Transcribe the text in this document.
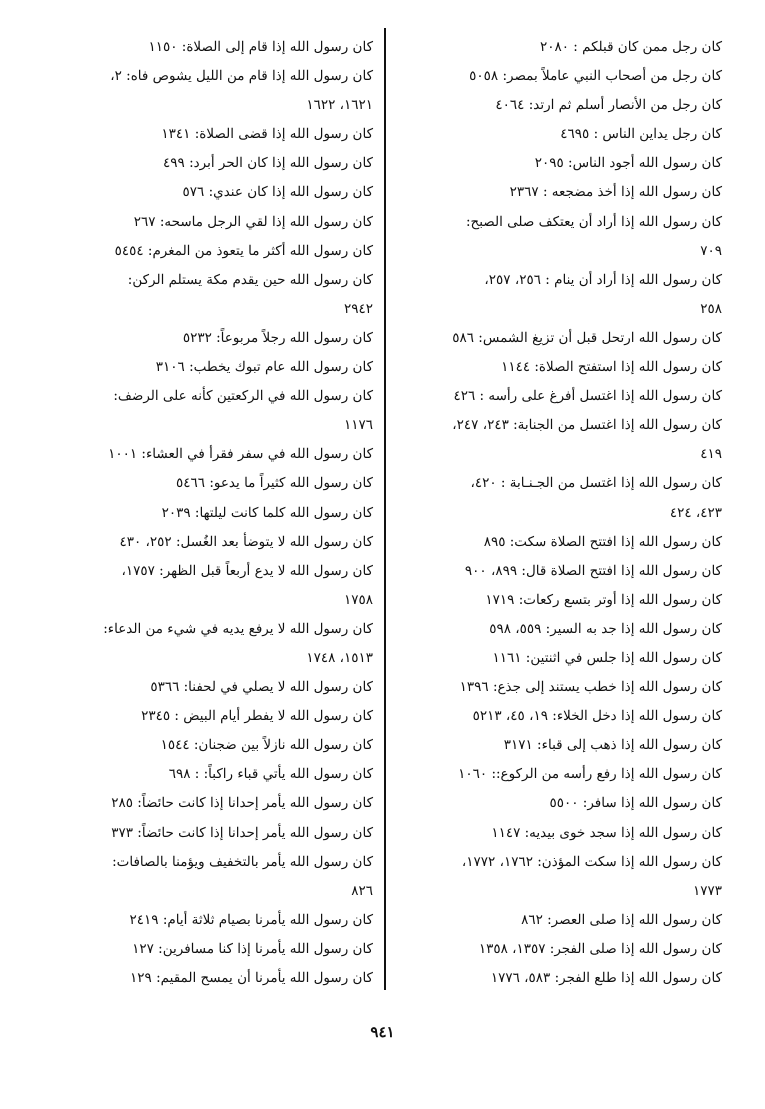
كان رجل ممن كان قبلكم : ٢٠٨٠

كان رجل من أصحاب النبي عاملاً بمصر: ٥٠٥٨

كان رجل من الأنصار أسلم ثم ارتد: ٤٠٦٤

كان رجل يداين الناس : ٤٦٩٥

كان رسول الله أجود الناس: ٢٠٩٥

كان رسول الله إذا أخذ مضجعه : ٢٣٦٧

كان رسول الله إذا أراد أن يعتكف صلى الصبح:

٧٠٩

كان رسول الله إذا أراد أن ينام : ٢٥٦، ٢٥٧،

٢٥٨

كان رسول الله ارتحل قبل أن تزيغ الشمس: ٥٨٦

كان رسول الله إذا استفتح الصلاة: ١١٤٤

كان رسول الله إذا اغتسل أفرغ على رأسه : ٤٢٦

كان رسول الله إذا اغتسل من الجنابة: ٢٤٣، ٢٤٧،

٤١٩

كان رسول الله إذا اغتسل من الجـنـابة : ٤٢٠،

٤٢٣، ٤٢٤

كان رسول الله إذا افتتح الصلاة سكت: ٨٩٥

كان رسول الله إذا افتتح الصلاة قال: ٨٩٩، ٩٠٠

كان رسول الله إذا أوتر بتسع ركعات: ١٧١٩

كان رسول الله إذا جد به السير: ٥٥٩، ٥٩٨

كان رسول الله إذا جلس في اثنتين: ١١٦١

كان رسول الله إذا خطب يستند إلى جذع: ١٣٩٦

كان رسول الله إذا دخل الخلاء: ١٩، ٤٥، ٥٢١٣

كان رسول الله إذا ذهب إلى قباء: ٣١٧١

كان رسول الله إذا رفع رأسه من الركوع:: ١٠٦٠

كان رسول الله إذا سافر: ٥٥٠٠

كان رسول الله إذا سجد خوى بيديه: ١١٤٧

كان رسول الله إذا سكت المؤذن: ١٧٦٢، ١٧٧٢،

١٧٧٣

كان رسول الله إذا صلى العصر: ٨٦٢

كان رسول الله إذا صلى الفجر: ١٣٥٧، ١٣٥٨

كان رسول الله إذا طلع الفجر: ٥٨٣، ١٧٧٦

كان رسول الله إذا قام إلى الصلاة: ١١٥٠

كان رسول الله إذا قام من الليل يشوص فاه: ٢،

١٦٢١، ١٦٢٢

كان رسول الله إذا قضى الصلاة: ١٣٤١

كان رسول الله إذا كان الحر أبرد: ٤٩٩

كان رسول الله إذا كان عندي: ٥٧٦

كان رسول الله إذا لقي الرجل ماسحه: ٢٦٧

كان رسول الله أكثر ما يتعوذ من المغرم: ٥٤٥٤

كان رسول الله حين يقدم مكة يستلم الركن:

٢٩٤٢

كان رسول الله رجلاً مربوعاً: ٥٢٣٢

كان رسول الله عام تبوك يخطب: ٣١٠٦

كان رسول الله في الركعتين كأنه على الرضف:

١١٧٦

كان رسول الله في سفر فقرأ في العشاء: ١٠٠١

كان رسول الله كثيراً ما يدعو: ٥٤٦٦

كان رسول الله كلما كانت ليلتها: ٢٠٣٩

كان رسول الله لا يتوضأ بعد الغُسل: ٢٥٢، ٤٣٠

كان رسول الله لا يدع أربعاً قبل الظهر: ١٧٥٧،

١٧٥٨

كان رسول الله لا يرفع يديه في شيء من الدعاء:

١٥١٣، ١٧٤٨

كان رسول الله لا يصلي في لحفنا: ٥٣٦٦

كان رسول الله لا يفطر أيام البيض : ٢٣٤٥

كان رسول الله نازلاً بين ضجنان: ١٥٤٤

كان رسول الله يأتي قباء راكباً: : ٦٩٨

كان رسول الله يأمر إحدانا إذا كانت حائضاً: ٢٨٥

كان رسول الله يأمر إحدانا إذا كانت حائضاً: ٣٧٣

كان رسول الله يأمر بالتخفيف ويؤمنا بالصافات:

٨٢٦

كان رسول الله يأمرنا بصيام ثلاثة أيام: ٢٤١٩

كان رسول الله يأمرنا إذا كنا مسافرين: ١٢٧

كان رسول الله يأمرنا أن يمسح المقيم: ١٢٩

٩٤١
